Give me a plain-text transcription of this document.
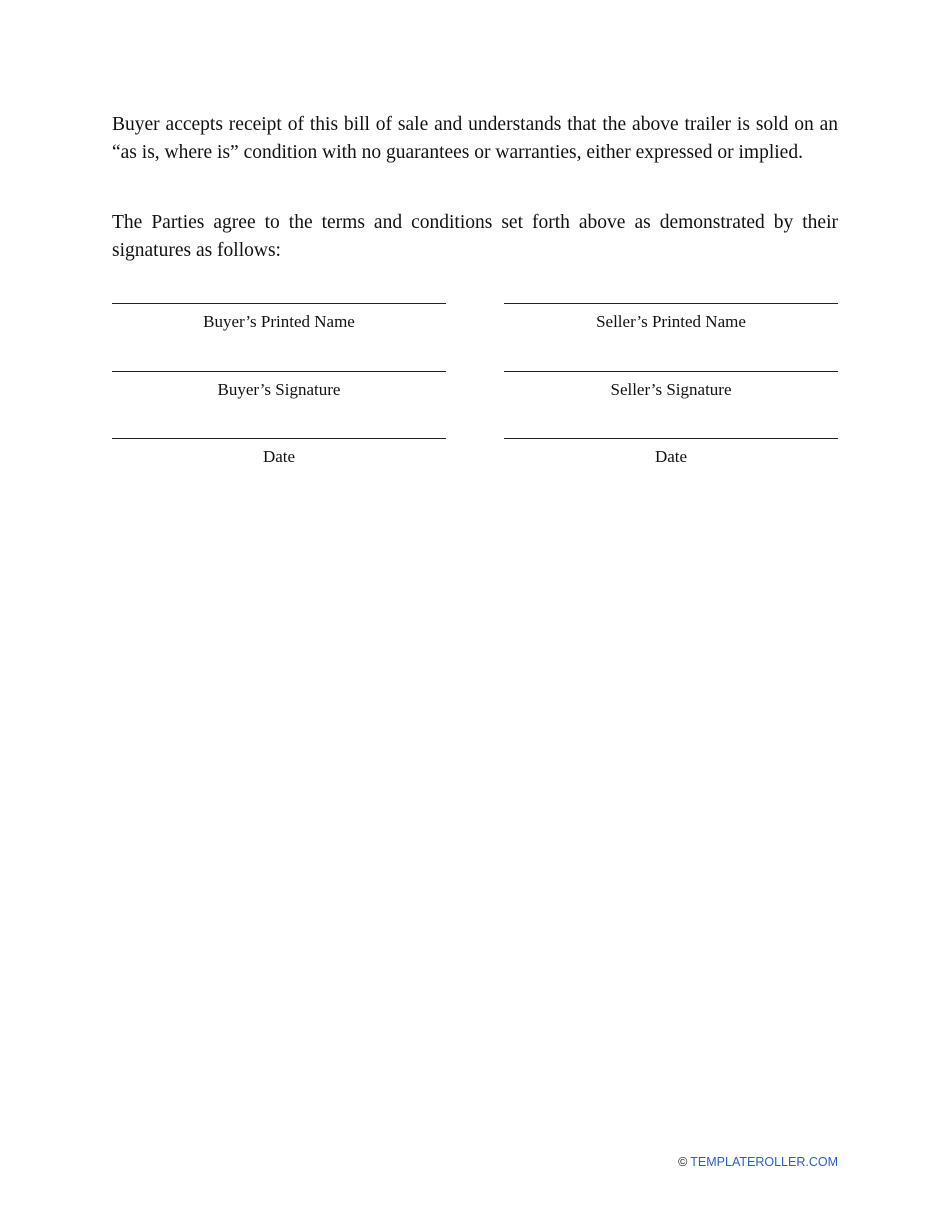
Buyer accepts receipt of this bill of sale and understands that the above trailer is sold on an “as is, where is” condition with no guarantees or warranties, either expressed or implied.

The Parties agree to the terms and conditions set forth above as demonstrated by their signatures as follows:

Buyer’s Printed Name	Seller’s Printed Name
Buyer’s Signature	Seller’s Signature
Date	Date
© TEMPLATEROLLER.COM
